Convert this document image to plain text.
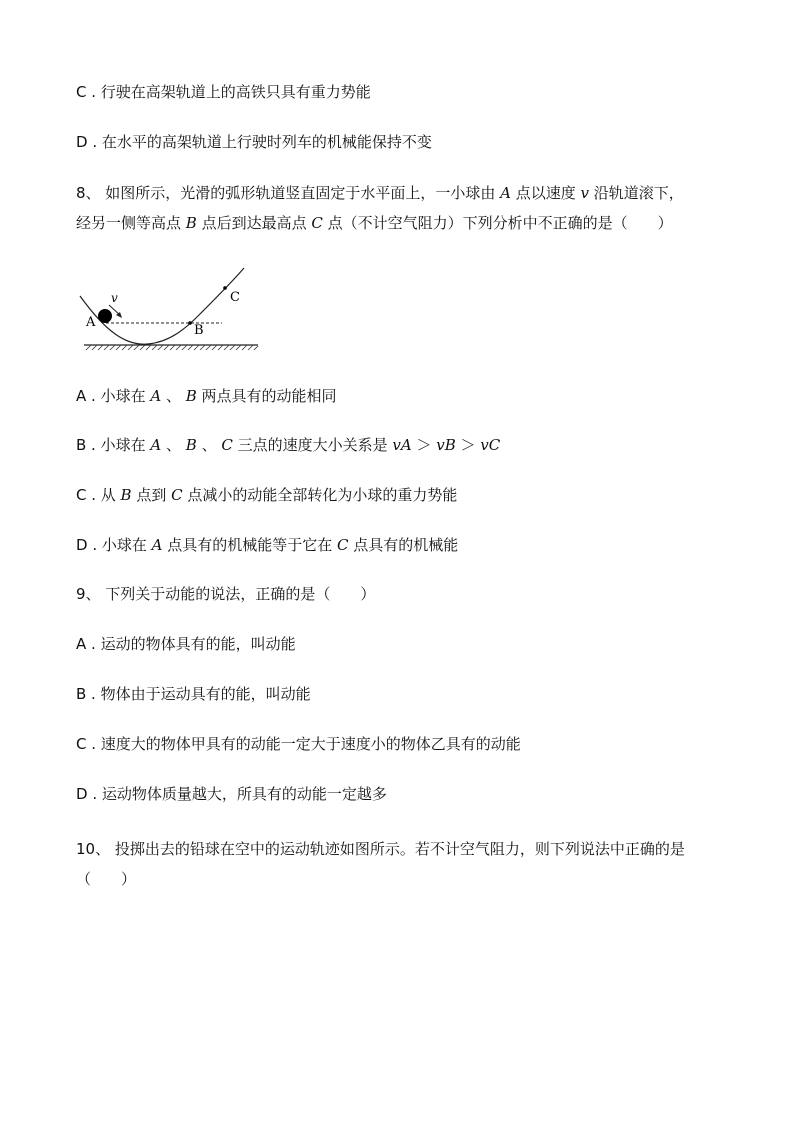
C . 行驶在高架轨道上的高铁只具有重力势能
D . 在水平的高架轨道上行驶时列车的机械能保持不变
8、 如图所示，光滑的弧形轨道竖直固定于水平面上，一小球由 A 点以速度 v 沿轨道滚下，
经另一侧等高点 B 点后到达最高点 C 点（不计空气阻力）下列分析中不正确的是（　　）
A
B
C
v
A . 小球在 A 、 B 两点具有的动能相同
B . 小球在 A 、 B 、 C 三点的速度大小关系是 vA ＞ vB ＞ vC
C . 从 B 点到 C 点减小的动能全部转化为小球的重力势能
D . 小球在 A 点具有的机械能等于它在 C 点具有的机械能
9、 下列关于动能的说法，正确的是（　　）
A . 运动的物体具有的能，叫动能
B . 物体由于运动具有的能，叫动能
C . 速度大的物体甲具有的动能一定大于速度小的物体乙具有的动能
D . 运动物体质量越大，所具有的动能一定越多
10、 投掷出去的铅球在空中的运动轨迹如图所示。若不计空气阻力，则下列说法中正确的是（　　）
